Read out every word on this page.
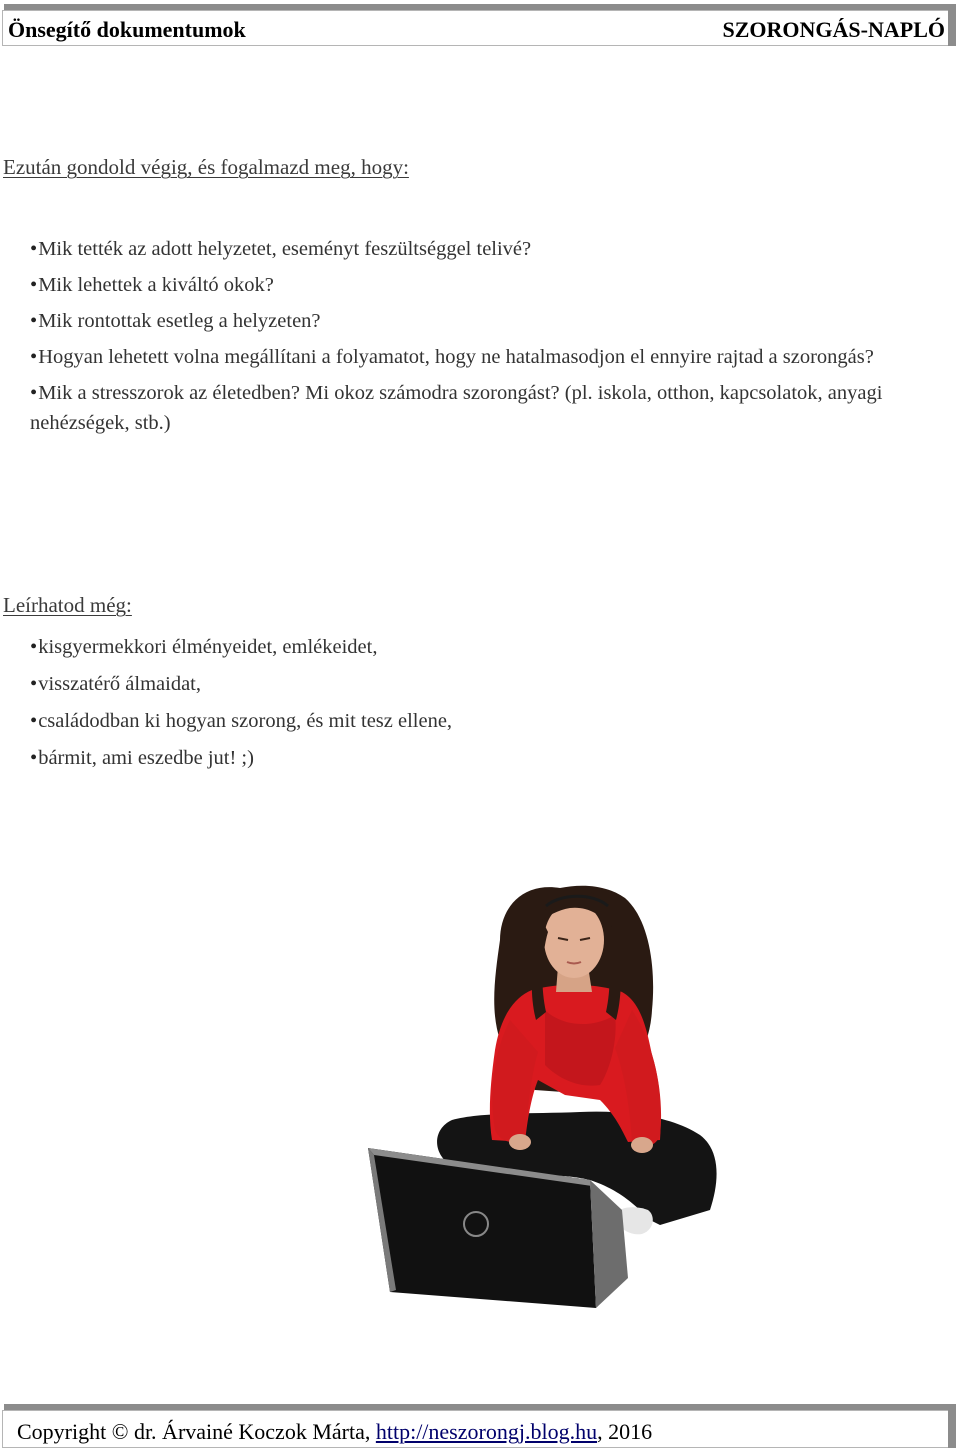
Önsegítő dokumentumok	SZORONGÁS-NAPLÓ
Ezután gondold végig, és fogalmazd meg, hogy:
• Mik tették az adott helyzetet, eseményt feszültséggel telivé?
• Mik lehettek a kiváltó okok?
• Mik rontottak esetleg a helyzeten?
• Hogyan lehetett volna megállítani a folyamatot, hogy ne hatalmasodjon el ennyire rajtad a szorongás?
• Mik a stresszorok az életedben? Mi okoz számodra szorongást? (pl. iskola, otthon, kapcsolatok, anyagi nehézségek, stb.)
Leírhatod még:
• kisgyermekkori élményeidet, emlékeidet,
• visszatérő álmaidat,
• családodban ki hogyan szorong, és mit tesz ellene,
• bármit, ami eszedbe jut! ;)
Copyright © dr. Árvainé Koczok Márta, http://neszorongj.blog.hu, 2016
